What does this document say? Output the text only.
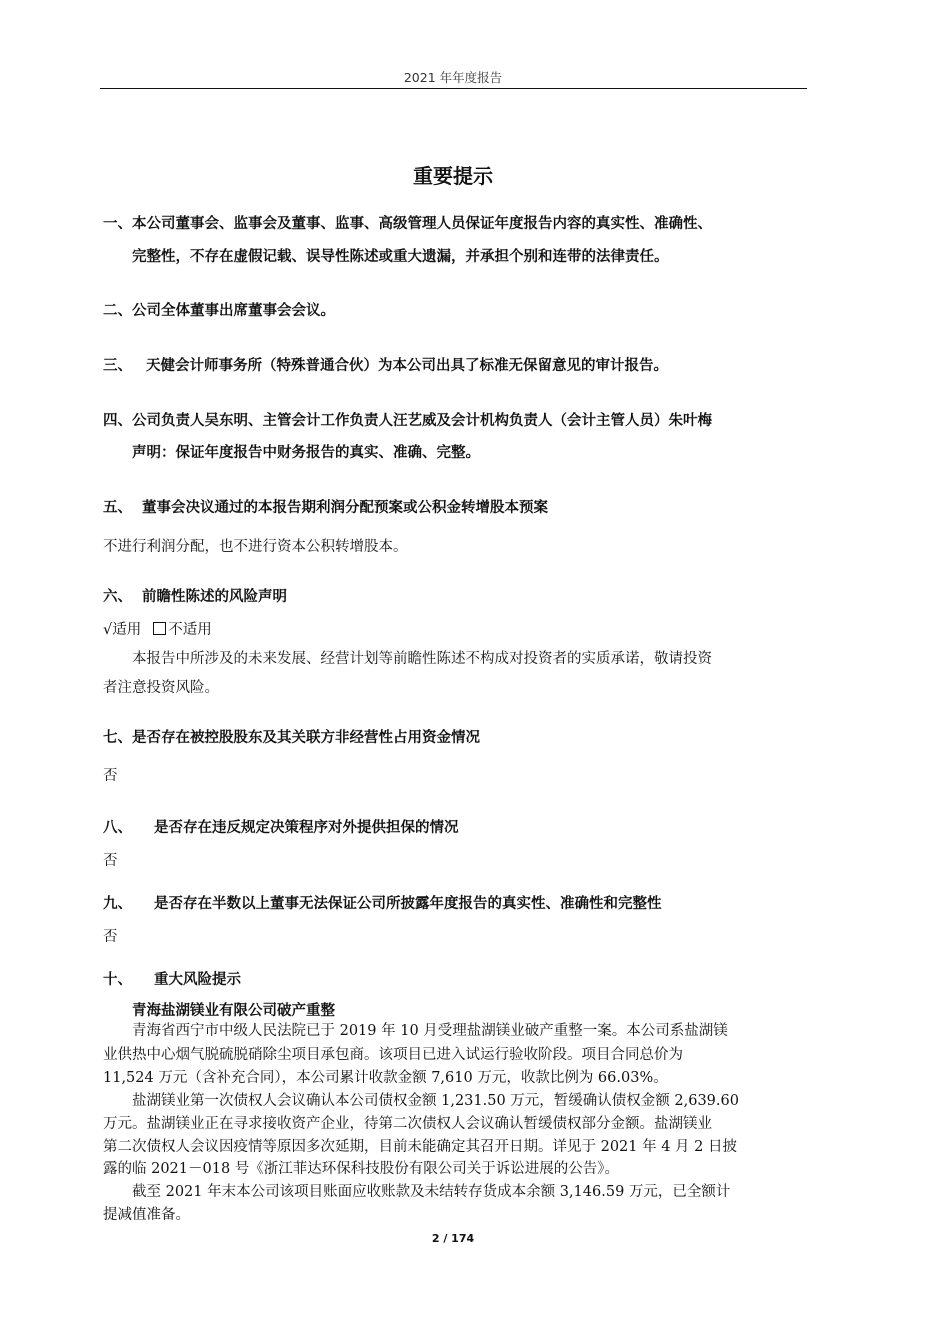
2021 年年度报告
重要提示
一、本公司董事会、监事会及董事、监事、高级管理人员保证年度报告内容的真实性、准确性、
完整性，不存在虚假记载、误导性陈述或重大遗漏，并承担个别和连带的法律责任。
二、公司全体董事出席董事会会议。
三、 天健会计师事务所（特殊普通合伙）为本公司出具了标准无保留意见的审计报告。
四、公司负责人吴东明、主管会计工作负责人汪艺威及会计机构负责人（会计主管人员）朱叶梅
声明：保证年度报告中财务报告的真实、准确、完整。
五、 董事会决议通过的本报告期利润分配预案或公积金转增股本预案
不进行利润分配，也不进行资本公积转增股本。
六、 前瞻性陈述的风险声明
√适用 不适用
本报告中所涉及的未来发展、经营计划等前瞻性陈述不构成对投资者的实质承诺，敬请投资
者注意投资风险。
七、是否存在被控股股东及其关联方非经营性占用资金情况
否
八、 是否存在违反规定决策程序对外提供担保的情况
否
九、 是否存在半数以上董事无法保证公司所披露年度报告的真实性、准确性和完整性
否
十、 重大风险提示
青海盐湖镁业有限公司破产重整
青海省西宁市中级人民法院已于 2019 年 10 月受理盐湖镁业破产重整一案。本公司系盐湖镁
业供热中心烟气脱硫脱硝除尘项目承包商。该项目已进入试运行验收阶段。项目合同总价为
11,524 万元（含补充合同），本公司累计收款金额 7,610 万元，收款比例为 66.03%。
盐湖镁业第一次债权人会议确认本公司债权金额 1,231.50 万元，暂缓确认债权金额 2,639.60
万元。盐湖镁业正在寻求接收资产企业，待第二次债权人会议确认暂缓债权部分金额。盐湖镁业
第二次债权人会议因疫情等原因多次延期，目前未能确定其召开日期。详见于 2021 年 4 月 2 日披
露的临 2021－018 号《浙江菲达环保科技股份有限公司关于诉讼进展的公告》。
截至 2021 年末本公司该项目账面应收账款及未结转存货成本余额 3,146.59 万元，已全额计
提减值准备。
2 / 174
